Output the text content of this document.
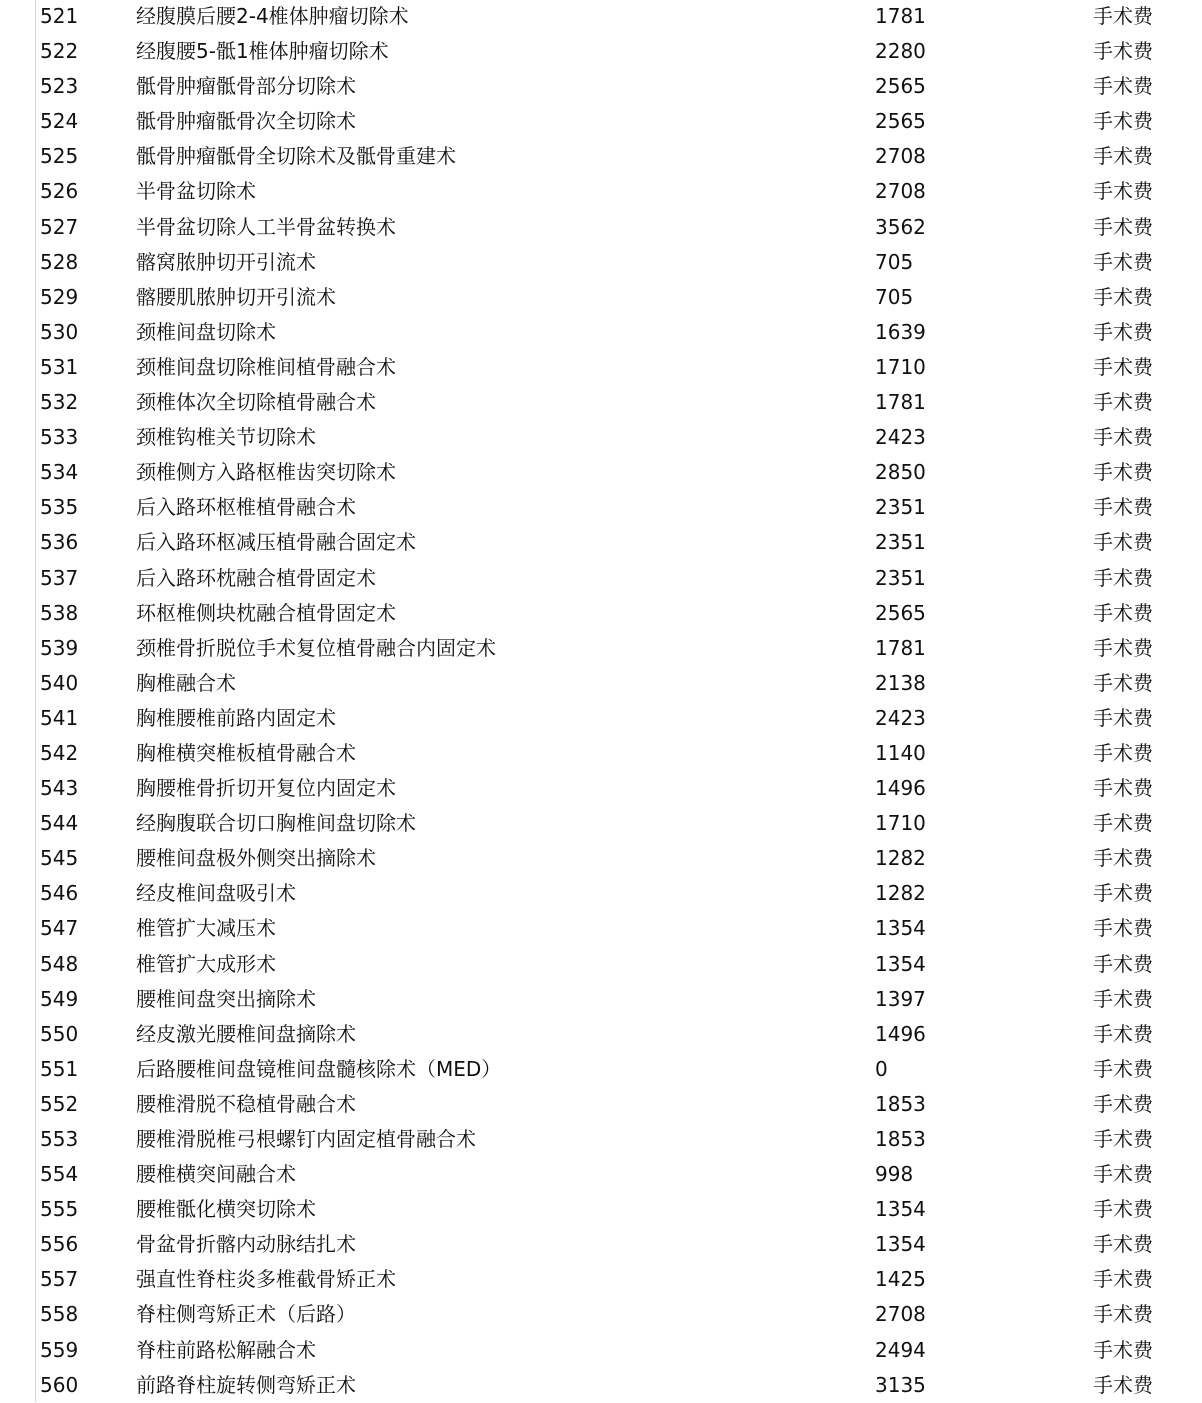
521	经腹膜后腰2-4椎体肿瘤切除术	1781	手术费
522	经腹腰5-骶1椎体肿瘤切除术	2280	手术费
523	骶骨肿瘤骶骨部分切除术	2565	手术费
524	骶骨肿瘤骶骨次全切除术	2565	手术费
525	骶骨肿瘤骶骨全切除术及骶骨重建术	2708	手术费
526	半骨盆切除术	2708	手术费
527	半骨盆切除人工半骨盆转换术	3562	手术费
528	髂窝脓肿切开引流术	705	手术费
529	髂腰肌脓肿切开引流术	705	手术费
530	颈椎间盘切除术	1639	手术费
531	颈椎间盘切除椎间植骨融合术	1710	手术费
532	颈椎体次全切除植骨融合术	1781	手术费
533	颈椎钩椎关节切除术	2423	手术费
534	颈椎侧方入路枢椎齿突切除术	2850	手术费
535	后入路环枢椎植骨融合术	2351	手术费
536	后入路环枢减压植骨融合固定术	2351	手术费
537	后入路环枕融合植骨固定术	2351	手术费
538	环枢椎侧块枕融合植骨固定术	2565	手术费
539	颈椎骨折脱位手术复位植骨融合内固定术	1781	手术费
540	胸椎融合术	2138	手术费
541	胸椎腰椎前路内固定术	2423	手术费
542	胸椎横突椎板植骨融合术	1140	手术费
543	胸腰椎骨折切开复位内固定术	1496	手术费
544	经胸腹联合切口胸椎间盘切除术	1710	手术费
545	腰椎间盘极外侧突出摘除术	1282	手术费
546	经皮椎间盘吸引术	1282	手术费
547	椎管扩大减压术	1354	手术费
548	椎管扩大成形术	1354	手术费
549	腰椎间盘突出摘除术	1397	手术费
550	经皮激光腰椎间盘摘除术	1496	手术费
551	后路腰椎间盘镜椎间盘髓核除术（MED）	0	手术费
552	腰椎滑脱不稳植骨融合术	1853	手术费
553	腰椎滑脱椎弓根螺钉内固定植骨融合术	1853	手术费
554	腰椎横突间融合术	998	手术费
555	腰椎骶化横突切除术	1354	手术费
556	骨盆骨折髂内动脉结扎术	1354	手术费
557	强直性脊柱炎多椎截骨矫正术	1425	手术费
558	脊柱侧弯矫正术（后路）	2708	手术费
559	脊柱前路松解融合术	2494	手术费
560	前路脊柱旋转侧弯矫正术	3135	手术费
